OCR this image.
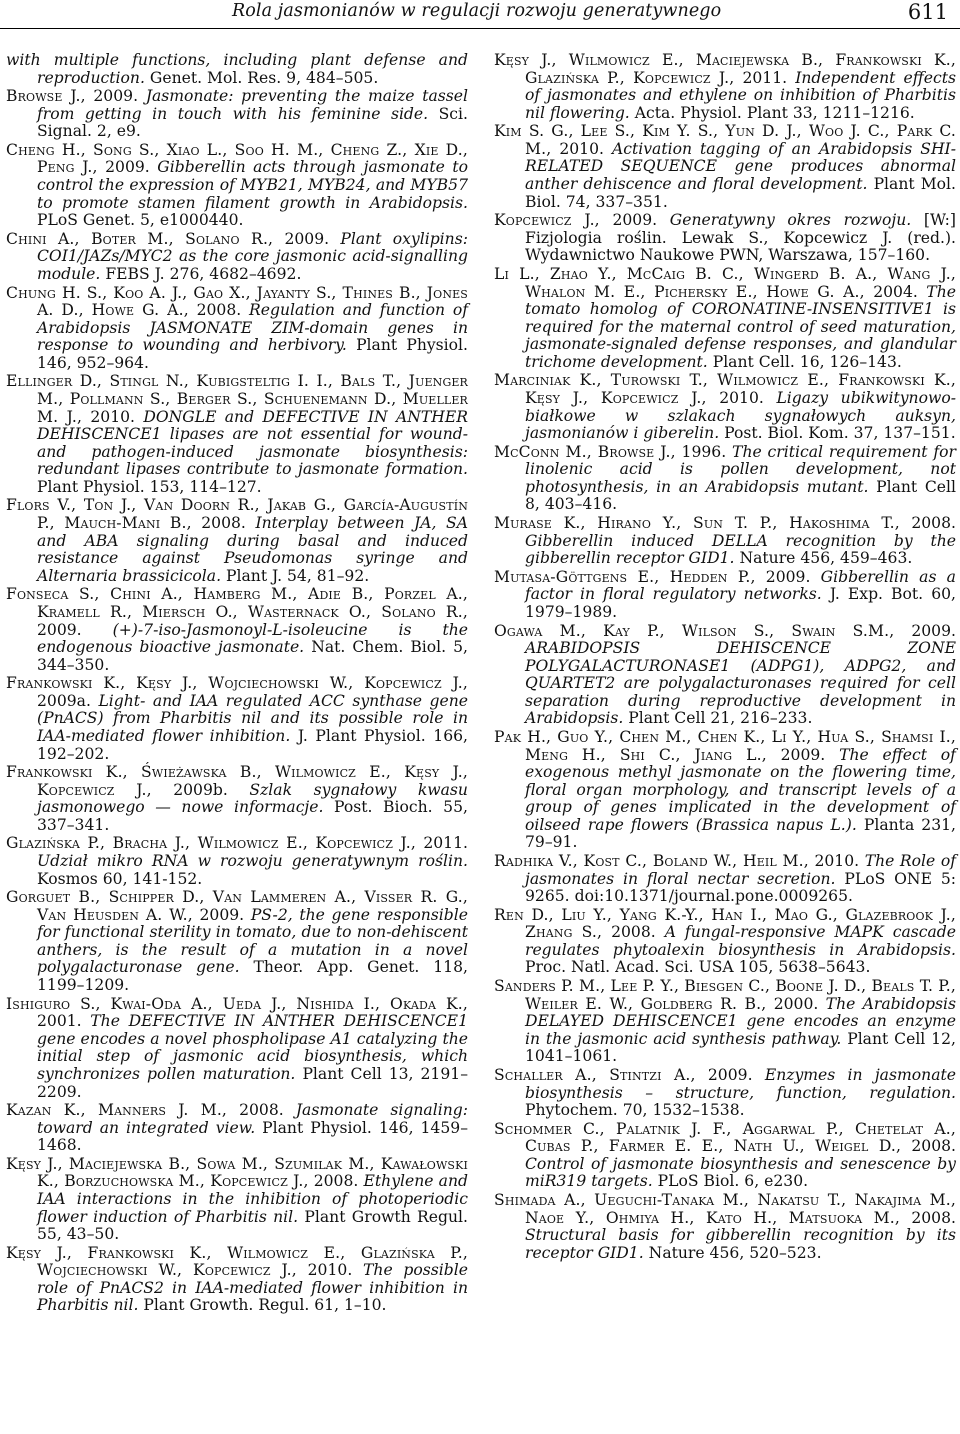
Rola jasmonianów w regulacji rozwoju generatywnego	611

with multiple functions, including plant defense and reproduction. Genet. Mol. Res. 9, 484–505.

Browse J., 2009. Jasmonate: preventing the maize tassel from getting in touch with his feminine side. Sci. Signal. 2, e9.

Cheng H., Song S., Xiao L., Soo H. M., Cheng Z., Xie D., Peng J., 2009. Gibberellin acts through jasmonate to control the expression of MYB21, MYB24, and MYB57 to promote stamen filament growth in Arabidopsis. PLoS Genet. 5, e1000440.

Chini A., Boter M., Solano R., 2009. Plant oxylipins: COI1/JAZs/MYC2 as the core jasmonic acid-signalling module. FEBS J. 276, 4682–4692.

Chung H. S., Koo A. J., Gao X., Jayanty S., Thines B., Jones A. D., Howe G. A., 2008. Regulation and function of Arabidopsis JASMONATE ZIM-domain genes in response to wounding and herbivory. Plant Physiol. 146, 952–964.

Ellinger D., Stingl N., Kubigsteltig I. I., Bals T., Juenger M., Pollmann S., Berger S., Schuenemann D., Mueller M. J., 2010. DONGLE and DEFECTIVE IN ANTHER DEHISCENCE1 lipases are not essential for wound- and pathogen-induced jasmonate biosynthesis: redundant lipases contribute to jasmonate formation. Plant Physiol. 153, 114–127.

Flors V., Ton J., Van Doorn R., Jakab G., García-Augustín P., Mauch-Mani B., 2008. Interplay between JA, SA and ABA signaling during basal and induced resistance against Pseudomonas syringe and Alternaria brassicicola. Plant J. 54, 81–92.

Fonseca S., Chini A., Hamberg M., Adie B., Porzel A., Kramell R., Miersch O., Wasternack O., Solano R., 2009. (+)-7-iso-Jasmonoyl-L-isoleucine is the endogenous bioactive jasmonate. Nat. Chem. Biol. 5, 344–350.

Frankowski K., Kęsy J., Wojciechowski W., Kopcewicz J., 2009a. Light- and IAA regulated ACC synthase gene (PnACS) from Pharbitis nil and its possible role in IAA-mediated flower inhibition. J. Plant Physiol. 166, 192–202.

Frankowski K., Świeżawska B., Wilmowicz E., Kęsy J., Kopcewicz J., 2009b. Szlak sygnałowy kwasu jasmonowego — nowe informacje. Post. Bioch. 55, 337–341.

Glazińska P., Bracha J., Wilmowicz E., Kopcewicz J., 2011. Udział mikro RNA w rozwoju generatywnym roślin. Kosmos 60, 141-152.

Gorguet B., Schipper D., Van Lammeren A., Visser R. G., Van Heusden A. W., 2009. PS-2, the gene responsible for functional sterility in tomato, due to non-dehiscent anthers, is the result of a mutation in a novel polygalacturonase gene. Theor. App. Genet. 118, 1199–1209.

Ishiguro S., Kwai-Oda A., Ueda J., Nishida I., Okada K., 2001. The DEFECTIVE IN ANTHER DEHISCENCE1 gene encodes a novel phospholipase A1 catalyzing the initial step of jasmonic acid biosynthesis, which synchronizes pollen maturation. Plant Cell 13, 2191–2209.

Kazan K., Manners J. M., 2008. Jasmonate signaling: toward an integrated view. Plant Physiol. 146, 1459–1468.

Kęsy J., Maciejewska B., Sowa M., Szumilak M., Kawałowski K., Borzuchowska M., Kopcewicz J., 2008. Ethylene and IAA interactions in the inhibition of photoperiodic flower induction of Pharbitis nil. Plant Growth Regul. 55, 43–50.

Kęsy J., Frankowski K., Wilmowicz E., Glazińska P., Wojciechowski W., Kopcewicz J., 2010. The possible role of PnACS2 in IAA-mediated flower inhibition in Pharbitis nil. Plant Growth. Regul. 61, 1–10.

Kęsy J., Wilmowicz E., Maciejewska B., Frankowski K., Glazińska P., Kopcewicz J., 2011. Independent effects of jasmonates and ethylene on inhibition of Pharbitis nil flowering. Acta. Physiol. Plant 33, 1211–1216.

Kim S. G., Lee S., Kim Y. S., Yun D. J., Woo J. C., Park C. M., 2010. Activation tagging of an Arabidopsis SHI-RELATED SEQUENCE gene produces abnormal anther dehiscence and floral development. Plant Mol. Biol. 74, 337–351.

Kopcewicz J., 2009. Generatywny okres rozwoju. [W:] Fizjologia roślin. Lewak S., Kopcewicz J. (red.). Wydawnictwo Naukowe PWN, Warszawa, 157–160.

Li L., Zhao Y., McCaig B. C., Wingerd B. A., Wang J., Whalon M. E., Pichersky E., Howe G. A., 2004. The tomato homolog of CORONATINE-INSENSITIVE1 is required for the maternal control of seed maturation, jasmonate-signaled defense responses, and glandular trichome development. Plant Cell. 16, 126–143.

Marciniak K., Turowski T., Wilmowicz E., Frankowski K., Kęsy J., Kopcewicz J., 2010. Ligazy ubikwitynowo-białkowe w szlakach sygnałowych auksyn, jasmonianów i giberelin. Post. Biol. Kom. 37, 137–151.

McConn M., Browse J., 1996. The critical requirement for linolenic acid is pollen development, not photosynthesis, in an Arabidopsis mutant. Plant Cell 8, 403–416.

Murase K., Hirano Y., Sun T. P., Hakoshima T., 2008. Gibberellin induced DELLA recognition by the gibberellin receptor GID1. Nature 456, 459–463.

Mutasa-Göttgens E., Hedden P., 2009. Gibberellin as a factor in floral regulatory networks. J. Exp. Bot. 60, 1979–1989.

Ogawa M., Kay P., Wilson S., Swain S.M., 2009. ARABIDOPSIS DEHISCENCE ZONE POLYGALACTURONASE1 (ADPG1), ADPG2, and QUARTET2 are polygalacturonases required for cell separation during reproductive development in Arabidopsis. Plant Cell 21, 216–233.

Pak H., Guo Y., Chen M., Chen K., Li Y., Hua S., Shamsi I., Meng H., Shi C., Jiang L., 2009. The effect of exogenous methyl jasmonate on the flowering time, floral organ morphology, and transcript levels of a group of genes implicated in the development of oilseed rape flowers (Brassica napus L.). Planta 231, 79–91.

Radhika V., Kost C., Boland W., Heil M., 2010. The Role of jasmonates in floral nectar secretion. PLoS ONE 5: 9265. doi:10.1371/journal.pone.0009265.

Ren D., Liu Y., Yang K.-Y., Han I., Mao G., Glazebrook J., Zhang S., 2008. A fungal-responsive MAPK cascade regulates phytoalexin biosynthesis in Arabidopsis. Proc. Natl. Acad. Sci. USA 105, 5638–5643.

Sanders P. M., Lee P. Y., Biesgen C., Boone J. D., Beals T. P., Weiler E. W., Goldberg R. B., 2000. The Arabidopsis DELAYED DEHISCENCE1 gene encodes an enzyme in the jasmonic acid synthesis pathway. Plant Cell 12, 1041–1061.

Schaller A., Stintzi A., 2009. Enzymes in jasmonate biosynthesis – structure, function, regulation. Phytochem. 70, 1532–1538.

Schommer C., Palatnik J. F., Aggarwal P., Chetelat A., Cubas P., Farmer E. E., Nath U., Weigel D., 2008. Control of jasmonate biosynthesis and senescence by miR319 targets. PLoS Biol. 6, e230.

Shimada A., Ueguchi-Tanaka M., Nakatsu T., Nakajima M., Naoe Y., Ohmiya H., Kato H., Matsuoka M., 2008. Structural basis for gibberellin recognition by its receptor GID1. Nature 456, 520–523.
